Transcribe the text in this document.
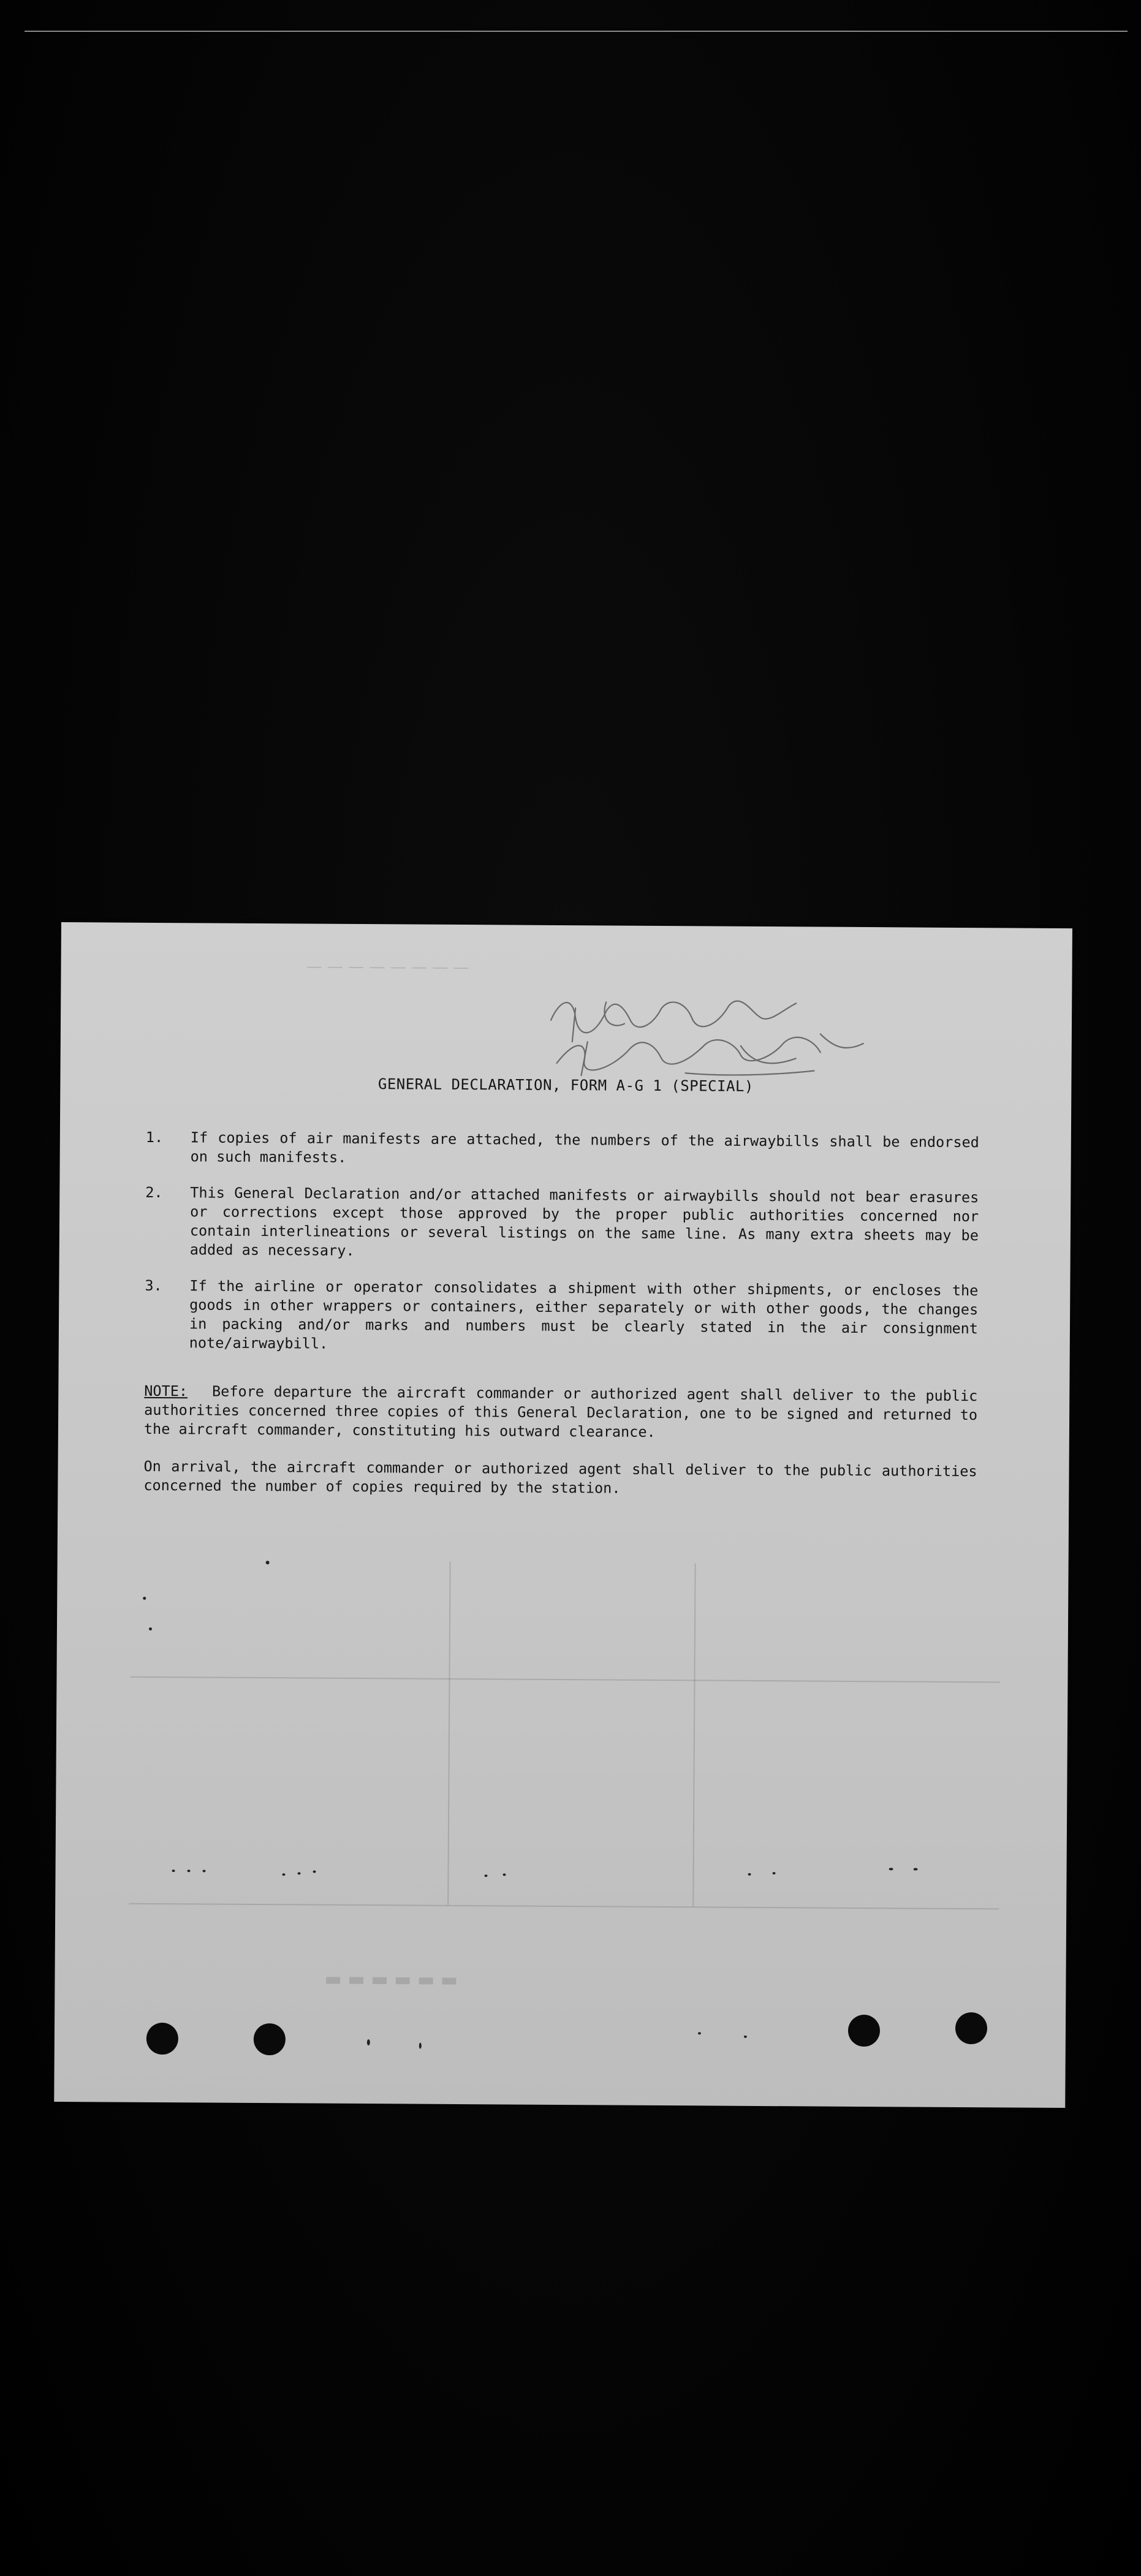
— — — — — — — —
▬ ▬ ▬ ▬ ▬ ▬
GENERAL DECLARATION, FORM A-G 1 (SPECIAL)
1. If copies of air manifests are attached, the numbers of the airwaybills shall be endorsed on such manifests.
2. This General Declaration and/or attached manifests or airwaybills should not bear erasures or corrections except those approved by the proper public authorities concerned nor contain interlineations or several listings on the same line. As many extra sheets may be added as necessary.
3. If the airline or operator consolidates a shipment with other shipments, or encloses the goods in other wrappers or containers, either separately or with other goods, the changes in packing and/or marks and numbers must be clearly stated in the air consignment note/airwaybill.
NOTE: Before departure the aircraft commander or authorized agent shall deliver to the public authorities concerned three copies of this General Declaration, one to be signed and returned to the aircraft commander, constituting his outward clearance.
On arrival, the aircraft commander or authorized agent shall deliver to the public authorities concerned the number of copies required by the station.
